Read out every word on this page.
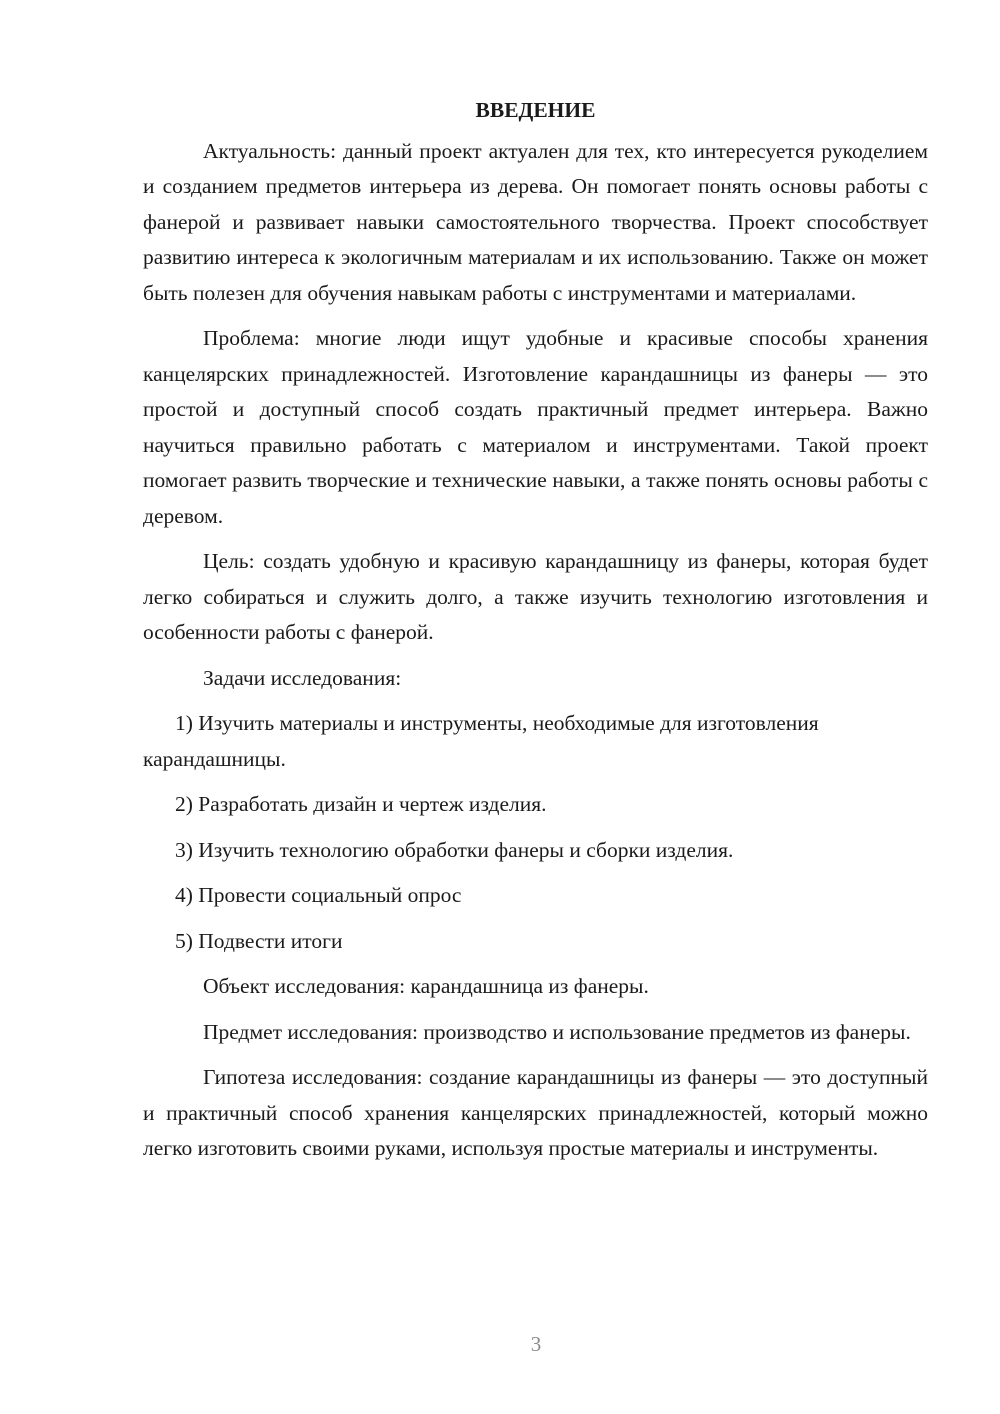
ВВЕДЕНИЕ

Актуальность: данный проект актуален для тех, кто интересуется рукоделием и созданием предметов интерьера из дерева. Он помогает понять основы работы с фанерой и развивает навыки самостоятельного творчества. Проект способствует развитию интереса к экологичным материалам и их использованию. Также он может быть полезен для обучения навыкам работы с инструментами и материалами.

Проблема: многие люди ищут удобные и красивые способы хранения канцелярских принадлежностей. Изготовление карандашницы из фанеры — это простой и доступный способ создать практичный предмет интерьера. Важно научиться правильно работать с материалом и инструментами. Такой проект помогает развить творческие и технические навыки, а также понять основы работы с деревом.

Цель: создать удобную и красивую карандашницу из фанеры, которая будет легко собираться и служить долго, а также изучить технологию изготовления и особенности работы с фанерой.

Задачи исследования:

1) Изучить материалы и инструменты, необходимые для изготовления карандашницы.

2) Разработать дизайн и чертеж изделия.

3) Изучить технологию обработки фанеры и сборки изделия.

4) Провести социальный опрос

5) Подвести итоги

Объект исследования: карандашница из фанеры.

Предмет исследования: производство и использование предметов из фанеры.

Гипотеза исследования: создание карандашницы из фанеры — это доступный и практичный способ хранения канцелярских принадлежностей, который можно легко изготовить своими руками, используя простые материалы и инструменты.

3
